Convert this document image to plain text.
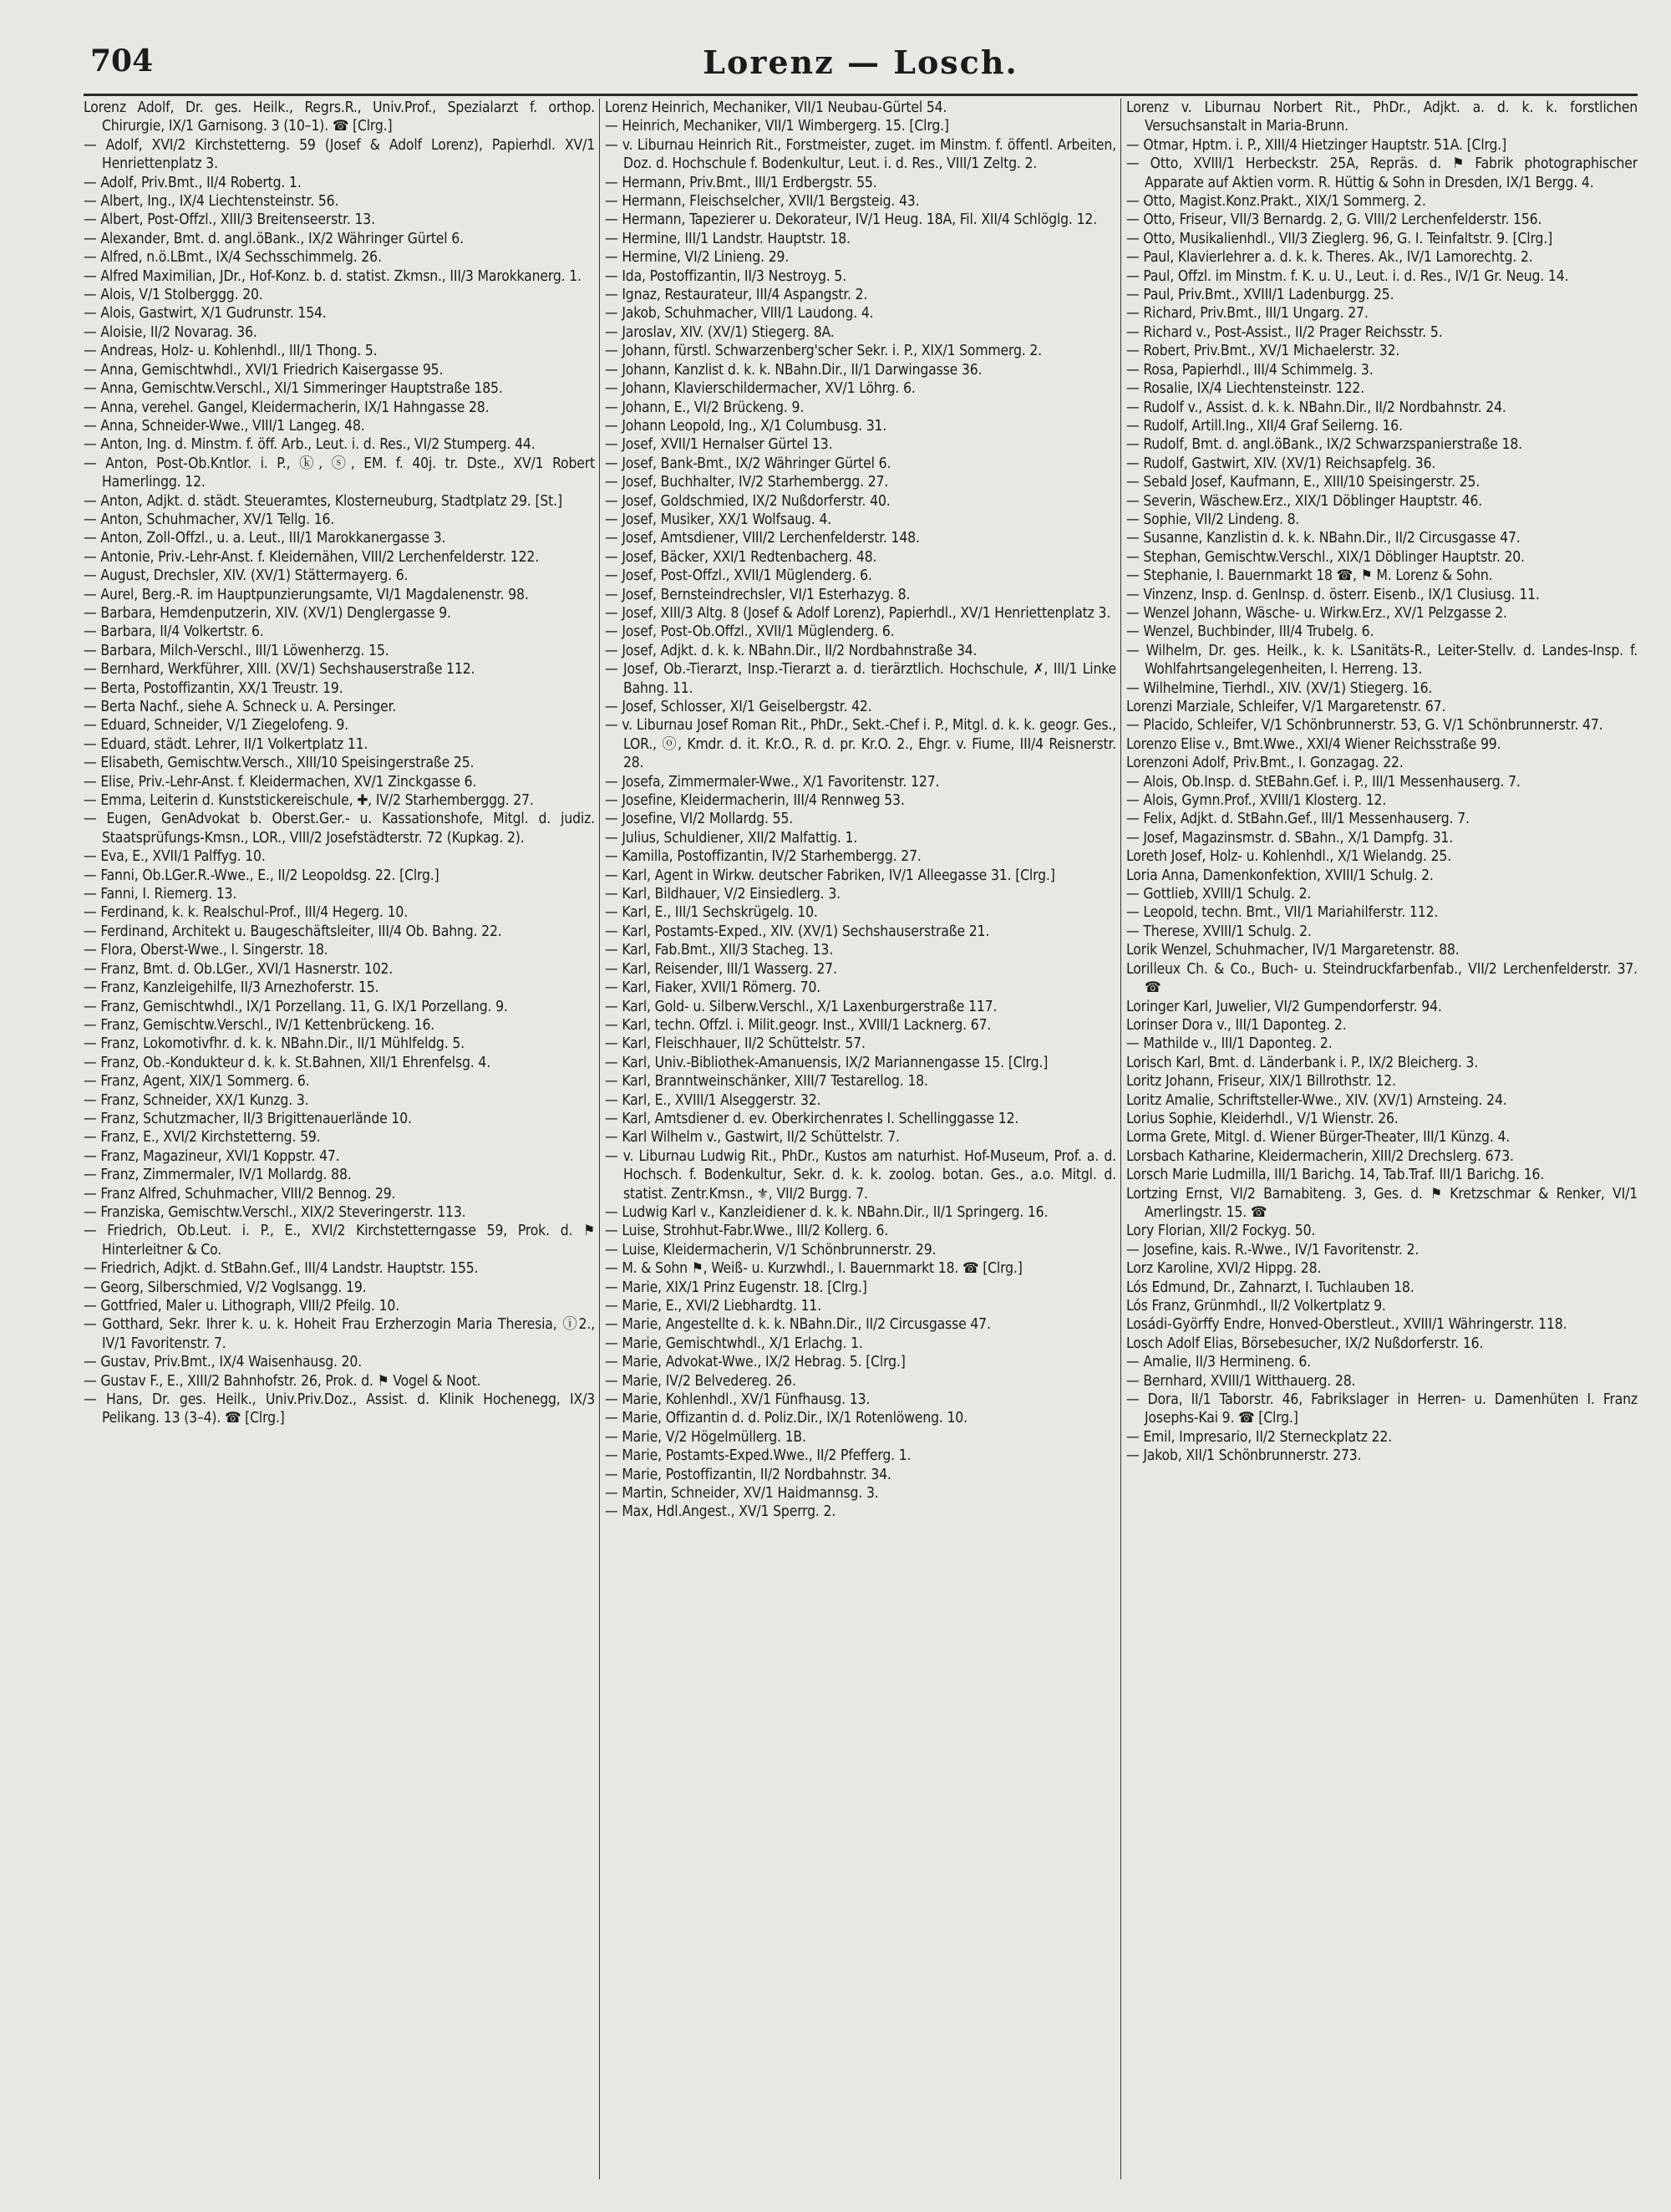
704	Lorenz — Losch.

Lorenz Adolf, Dr. ges. Heilk., Regrs.R., Univ.Prof., Spezialarzt f. orthop. Chirurgie, IX/1 Garnisong. 3 (10–1). ☎ [Clrg.]

— Adolf, XVI/2 Kirchstetterng. 59 (Josef & Adolf Lorenz), Papierhdl. XV/1 Henriettenplatz 3.

— Adolf, Priv.Bmt., II/4 Robertg. 1.

— Albert, Ing., IX/4 Liechtensteinstr. 56.

— Albert, Post-Offzl., XIII/3 Breitenseerstr. 13.

— Alexander, Bmt. d. angl.öBank., IX/2 Währinger Gürtel 6.

— Alfred, n.ö.LBmt., IX/4 Sechsschimmelg. 26.

— Alfred Maximilian, JDr., Hof-Konz. b. d. statist. Zkmsn., III/3 Marokkanerg. 1.

— Alois, V/1 Stolberggg. 20.

— Alois, Gastwirt, X/1 Gudrunstr. 154.

— Aloisie, II/2 Novarag. 36.

— Andreas, Holz- u. Kohlenhdl., III/1 Thong. 5.

— Anna, Gemischtwhdl., XVI/1 Friedrich Kaisergasse 95.

— Anna, Gemischtw.Verschl., XI/1 Simmeringer Hauptstraße 185.

— Anna, verehel. Gangel, Kleidermacherin, IX/1 Hahngasse 28.

— Anna, Schneider-Wwe., VIII/1 Langeg. 48.

— Anton, Ing. d. Minstm. f. öff. Arb., Leut. i. d. Res., VI/2 Stumperg. 44.

— Anton, Post-Ob.Kntlor. i. P., ⓚ, ⓢ, EM. f. 40j. tr. Dste., XV/1 Robert Hamerlingg. 12.

— Anton, Adjkt. d. städt. Steueramtes, Klosterneuburg, Stadtplatz 29. [St.]

— Anton, Schuhmacher, XV/1 Tellg. 16.

— Anton, Zoll-Offzl., u. a. Leut., III/1 Marokkanergasse 3.

— Antonie, Priv.-Lehr-Anst. f. Kleidernähen, VIII/2 Lerchenfelderstr. 122.

— August, Drechsler, XIV. (XV/1) Stättermayerg. 6.

— Aurel, Berg.-R. im Hauptpunzierungsamte, VI/1 Magdalenenstr. 98.

— Barbara, Hemdenputzerin, XIV. (XV/1) Denglergasse 9.

— Barbara, II/4 Volkertstr. 6.

— Barbara, Milch-Verschl., III/1 Löwenherzg. 15.

— Bernhard, Werkführer, XIII. (XV/1) Sechshauserstraße 112.

— Berta, Postoffizantin, XX/1 Treustr. 19.

— Berta Nachf., siehe A. Schneck u. A. Persinger.

— Eduard, Schneider, V/1 Ziegelofeng. 9.

— Eduard, städt. Lehrer, II/1 Volkertplatz 11.

— Elisabeth, Gemischtw.Versch., XIII/10 Speisingerstraße 25.

— Elise, Priv.-Lehr-Anst. f. Kleidermachen, XV/1 Zinckgasse 6.

— Emma, Leiterin d. Kunststickereischule, ✚, IV/2 Starhemberggg. 27.

— Eugen, GenAdvokat b. Oberst.Ger.- u. Kassationshofe, Mitgl. d. judiz. Staatsprüfungs-Kmsn., LOR., VIII/2 Josefstädterstr. 72 (Kupkag. 2).

— Eva, E., XVII/1 Palffyg. 10.

— Fanni, Ob.LGer.R.-Wwe., E., II/2 Leopoldsg. 22. [Clrg.]

— Fanni, I. Riemerg. 13.

— Ferdinand, k. k. Realschul-Prof., III/4 Hegerg. 10.

— Ferdinand, Architekt u. Baugeschäftsleiter, III/4 Ob. Bahng. 22.

— Flora, Oberst-Wwe., I. Singerstr. 18.

— Franz, Bmt. d. Ob.LGer., XVI/1 Hasnerstr. 102.

— Franz, Kanzleigehilfe, II/3 Arnezhoferstr. 15.

— Franz, Gemischtwhdl., IX/1 Porzellang. 11, G. IX/1 Porzellang. 9.

— Franz, Gemischtw.Verschl., IV/1 Kettenbrückeng. 16.

— Franz, Lokomotivfhr. d. k. k. NBahn.Dir., II/1 Mühlfeldg. 5.

— Franz, Ob.-Kondukteur d. k. k. St.Bahnen, XII/1 Ehrenfelsg. 4.

— Franz, Agent, XIX/1 Sommerg. 6.

— Franz, Schneider, XX/1 Kunzg. 3.

— Franz, Schutzmacher, II/3 Brigittenauerlände 10.

— Franz, E., XVI/2 Kirchstetterng. 59.

— Franz, Magazineur, XVI/1 Koppstr. 47.

— Franz, Zimmermaler, IV/1 Mollardg. 88.

— Franz Alfred, Schuhmacher, VIII/2 Bennog. 29.

— Franziska, Gemischtw.Verschl., XIX/2 Steveringerstr. 113.

— Friedrich, Ob.Leut. i. P., E., XVI/2 Kirchstetterngasse 59, Prok. d. ⚑ Hinterleitner & Co.

— Friedrich, Adjkt. d. StBahn.Gef., III/4 Landstr. Hauptstr. 155.

— Georg, Silberschmied, V/2 Voglsangg. 19.

— Gottfried, Maler u. Lithograph, VIII/2 Pfeilg. 10.

— Gotthard, Sekr. Ihrer k. u. k. Hoheit Frau Erzherzogin Maria Theresia, ⓘ2., IV/1 Favoritenstr. 7.

— Gustav, Priv.Bmt., IX/4 Waisenhausg. 20.

— Gustav F., E., XIII/2 Bahnhofstr. 26, Prok. d. ⚑ Vogel & Noot.

— Hans, Dr. ges. Heilk., Univ.Priv.Doz., Assist. d. Klinik Hochenegg, IX/3 Pelikang. 13 (3–4). ☎ [Clrg.]

Lorenz Heinrich, Mechaniker, VII/1 Neubau-Gürtel 54.

— Heinrich, Mechaniker, VII/1 Wimbergerg. 15. [Clrg.]

— v. Liburnau Heinrich Rit., Forstmeister, zuget. im Minstm. f. öffentl. Arbeiten, Doz. d. Hochschule f. Bodenkultur, Leut. i. d. Res., VIII/1 Zeltg. 2.

— Hermann, Priv.Bmt., III/1 Erdbergstr. 55.

— Hermann, Fleischselcher, XVII/1 Bergsteig. 43.

— Hermann, Tapezierer u. Dekorateur, IV/1 Heug. 18A, Fil. XII/4 Schlöglg. 12.

— Hermine, III/1 Landstr. Hauptstr. 18.

— Hermine, VI/2 Linieng. 29.

— Ida, Postoffizantin, II/3 Nestroyg. 5.

— Ignaz, Restaurateur, III/4 Aspangstr. 2.

— Jakob, Schuhmacher, VIII/1 Laudong. 4.

— Jaroslav, XIV. (XV/1) Stiegerg. 8A.

— Johann, fürstl. Schwarzenberg'scher Sekr. i. P., XIX/1 Sommerg. 2.

— Johann, Kanzlist d. k. k. NBahn.Dir., II/1 Darwingasse 36.

— Johann, Klavierschildermacher, XV/1 Löhrg. 6.

— Johann, E., VI/2 Brückeng. 9.

— Johann Leopold, Ing., X/1 Columbusg. 31.

— Josef, XVII/1 Hernalser Gürtel 13.

— Josef, Bank-Bmt., IX/2 Währinger Gürtel 6.

— Josef, Buchhalter, IV/2 Starhembergg. 27.

— Josef, Goldschmied, IX/2 Nußdorferstr. 40.

— Josef, Musiker, XX/1 Wolfsaug. 4.

— Josef, Amtsdiener, VIII/2 Lerchenfelderstr. 148.

— Josef, Bäcker, XXI/1 Redtenbacherg. 48.

— Josef, Post-Offzl., XVII/1 Müglenderg. 6.

— Josef, Bernsteindrechsler, VI/1 Esterhazyg. 8.

— Josef, XIII/3 Altg. 8 (Josef & Adolf Lorenz), Papierhdl., XV/1 Henriettenplatz 3.

— Josef, Post-Ob.Offzl., XVII/1 Müglenderg. 6.

— Josef, Adjkt. d. k. k. NBahn.Dir., II/2 Nordbahnstraße 34.

— Josef, Ob.-Tierarzt, Insp.-Tierarzt a. d. tierärztlich. Hochschule, ✗, III/1 Linke Bahng. 11.

— Josef, Schlosser, XI/1 Geiselbergstr. 42.

— v. Liburnau Josef Roman Rit., PhDr., Sekt.-Chef i. P., Mitgl. d. k. k. geogr. Ges., LOR., ⓞ, Kmdr. d. it. Kr.O., R. d. pr. Kr.O. 2., Ehgr. v. Fiume, III/4 Reisnerstr. 28.

— Josefa, Zimmermaler-Wwe., X/1 Favoritenstr. 127.

— Josefine, Kleidermacherin, III/4 Rennweg 53.

— Josefine, VI/2 Mollardg. 55.

— Julius, Schuldiener, XII/2 Malfattig. 1.

— Kamilla, Postoffizantin, IV/2 Starhembergg. 27.

— Karl, Agent in Wirkw. deutscher Fabriken, IV/1 Alleegasse 31. [Clrg.]

— Karl, Bildhauer, V/2 Einsiedlerg. 3.

— Karl, E., III/1 Sechskrügelg. 10.

— Karl, Postamts-Exped., XIV. (XV/1) Sechshauserstraße 21.

— Karl, Fab.Bmt., XII/3 Stacheg. 13.

— Karl, Reisender, III/1 Wasserg. 27.

— Karl, Fiaker, XVII/1 Römerg. 70.

— Karl, Gold- u. Silberw.Verschl., X/1 Laxenburgerstraße 117.

— Karl, techn. Offzl. i. Milit.geogr. Inst., XVIII/1 Lacknerg. 67.

— Karl, Fleischhauer, II/2 Schüttelstr. 57.

— Karl, Univ.-Bibliothek-Amanuensis, IX/2 Mariannengasse 15. [Clrg.]

— Karl, Branntweinschänker, XIII/7 Testarellog. 18.

— Karl, E., XVIII/1 Alseggerstr. 32.

— Karl, Amtsdiener d. ev. Oberkirchenrates I. Schellinggasse 12.

— Karl Wilhelm v., Gastwirt, II/2 Schüttelstr. 7.

— v. Liburnau Ludwig Rit., PhDr., Kustos am naturhist. Hof-Museum, Prof. a. d. Hochsch. f. Bodenkultur, Sekr. d. k. k. zoolog. botan. Ges., a.o. Mitgl. d. statist. Zentr.Kmsn., ⚜, VII/2 Burgg. 7.

— Ludwig Karl v., Kanzleidiener d. k. k. NBahn.Dir., II/1 Springerg. 16.

— Luise, Strohhut-Fabr.Wwe., III/2 Kollerg. 6.

— Luise, Kleidermacherin, V/1 Schönbrunnerstr. 29.

— M. & Sohn ⚑, Weiß- u. Kurzwhdl., I. Bauernmarkt 18. ☎ [Clrg.]

— Marie, XIX/1 Prinz Eugenstr. 18. [Clrg.]

— Marie, E., XVI/2 Liebhardtg. 11.

— Marie, Angestellte d. k. k. NBahn.Dir., II/2 Circusgasse 47.

— Marie, Gemischtwhdl., X/1 Erlachg. 1.

— Marie, Advokat-Wwe., IX/2 Hebrag. 5. [Clrg.]

— Marie, IV/2 Belvedereg. 26.

— Marie, Kohlenhdl., XV/1 Fünfhausg. 13.

— Marie, Offizantin d. d. Poliz.Dir., IX/1 Rotenlöweng. 10.

— Marie, V/2 Högelmüllerg. 1B.

— Marie, Postamts-Exped.Wwe., II/2 Pfefferg. 1.

— Marie, Postoffizantin, II/2 Nordbahnstr. 34.

— Martin, Schneider, XV/1 Haidmannsg. 3.

— Max, Hdl.Angest., XV/1 Sperrg. 2.

Lorenz v. Liburnau Norbert Rit., PhDr., Adjkt. a. d. k. k. forstlichen Versuchsanstalt in Maria-Brunn.

— Otmar, Hptm. i. P., XIII/4 Hietzinger Hauptstr. 51A. [Clrg.]

— Otto, XVIII/1 Herbeckstr. 25A, Repräs. d. ⚑ Fabrik photographischer Apparate auf Aktien vorm. R. Hüttig & Sohn in Dresden, IX/1 Bergg. 4.

— Otto, Magist.Konz.Prakt., XIX/1 Sommerg. 2.

— Otto, Friseur, VII/3 Bernardg. 2, G. VIII/2 Lerchenfelderstr. 156.

— Otto, Musikalienhdl., VII/3 Zieglerg. 96, G. I. Teinfaltstr. 9. [Clrg.]

— Paul, Klavierlehrer a. d. k. k. Theres. Ak., IV/1 Lamorechtg. 2.

— Paul, Offzl. im Minstm. f. K. u. U., Leut. i. d. Res., IV/1 Gr. Neug. 14.

— Paul, Priv.Bmt., XVIII/1 Ladenburgg. 25.

— Richard, Priv.Bmt., III/1 Ungarg. 27.

— Richard v., Post-Assist., II/2 Prager Reichsstr. 5.

— Robert, Priv.Bmt., XV/1 Michaelerstr. 32.

— Rosa, Papierhdl., III/4 Schimmelg. 3.

— Rosalie, IX/4 Liechtensteinstr. 122.

— Rudolf v., Assist. d. k. k. NBahn.Dir., II/2 Nordbahnstr. 24.

— Rudolf, Artill.Ing., XII/4 Graf Seilerng. 16.

— Rudolf, Bmt. d. angl.öBank., IX/2 Schwarzspanierstraße 18.

— Rudolf, Gastwirt, XIV. (XV/1) Reichsapfelg. 36.

— Sebald Josef, Kaufmann, E., XIII/10 Speisingerstr. 25.

— Severin, Wäschew.Erz., XIX/1 Döblinger Hauptstr. 46.

— Sophie, VII/2 Lindeng. 8.

— Susanne, Kanzlistin d. k. k. NBahn.Dir., II/2 Circusgasse 47.

— Stephan, Gemischtw.Verschl., XIX/1 Döblinger Hauptstr. 20.

— Stephanie, I. Bauernmarkt 18 ☎, ⚑ M. Lorenz & Sohn.

— Vinzenz, Insp. d. GenInsp. d. österr. Eisenb., IX/1 Clusiusg. 11.

— Wenzel Johann, Wäsche- u. Wirkw.Erz., XV/1 Pelzgasse 2.

— Wenzel, Buchbinder, III/4 Trubelg. 6.

— Wilhelm, Dr. ges. Heilk., k. k. LSanitäts-R., Leiter-Stellv. d. Landes-Insp. f. Wohlfahrtsangelegenheiten, I. Herreng. 13.

— Wilhelmine, Tierhdl., XIV. (XV/1) Stiegerg. 16.

Lorenzi Marziale, Schleifer, V/1 Margaretenstr. 67.

— Placido, Schleifer, V/1 Schönbrunnerstr. 53, G. V/1 Schönbrunnerstr. 47.

Lorenzo Elise v., Bmt.Wwe., XXI/4 Wiener Reichsstraße 99.

Lorenzoni Adolf, Priv.Bmt., I. Gonzagag. 22.

— Alois, Ob.Insp. d. StEBahn.Gef. i. P., III/1 Messenhauserg. 7.

— Alois, Gymn.Prof., XVIII/1 Klosterg. 12.

— Felix, Adjkt. d. StBahn.Gef., III/1 Messenhauserg. 7.

— Josef, Magazinsmstr. d. SBahn., X/1 Dampfg. 31.

Loreth Josef, Holz- u. Kohlenhdl., X/1 Wielandg. 25.

Loria Anna, Damenkonfektion, XVIII/1 Schulg. 2.

— Gottlieb, XVIII/1 Schulg. 2.

— Leopold, techn. Bmt., VII/1 Mariahilferstr. 112.

— Therese, XVIII/1 Schulg. 2.

Lorik Wenzel, Schuhmacher, IV/1 Margaretenstr. 88.

Lorilleux Ch. & Co., Buch- u. Steindruckfarbenfab., VII/2 Lerchenfelderstr. 37. ☎

Loringer Karl, Juwelier, VI/2 Gumpendorferstr. 94.

Lorinser Dora v., III/1 Daponteg. 2.

— Mathilde v., III/1 Daponteg. 2.

Lorisch Karl, Bmt. d. Länderbank i. P., IX/2 Bleicherg. 3.

Loritz Johann, Friseur, XIX/1 Billrothstr. 12.

Loritz Amalie, Schriftsteller-Wwe., XIV. (XV/1) Arnsteing. 24.

Lorius Sophie, Kleiderhdl., V/1 Wienstr. 26.

Lorma Grete, Mitgl. d. Wiener Bürger-Theater, III/1 Künzg. 4.

Lorsbach Katharine, Kleidermacherin, XIII/2 Drechslerg. 673.

Lorsch Marie Ludmilla, III/1 Barichg. 14, Tab.Traf. III/1 Barichg. 16.

Lortzing Ernst, VI/2 Barnabiteng. 3, Ges. d. ⚑ Kretzschmar & Renker, VI/1 Amerlingstr. 15. ☎

Lory Florian, XII/2 Fockyg. 50.

— Josefine, kais. R.-Wwe., IV/1 Favoritenstr. 2.

Lorz Karoline, XVI/2 Hippg. 28.

Lós Edmund, Dr., Zahnarzt, I. Tuchlauben 18.

Lós Franz, Grünmhdl., II/2 Volkertplatz 9.

Losádi-Györffy Endre, Honved-Oberstleut., XVIII/1 Währingerstr. 118.

Losch Adolf Elias, Börsebesucher, IX/2 Nußdorferstr. 16.

— Amalie, II/3 Hermineng. 6.

— Bernhard, XVIII/1 Witthauerg. 28.

— Dora, II/1 Taborstr. 46, Fabrikslager in Herren- u. Damenhüten I. Franz Josephs-Kai 9. ☎ [Clrg.]

— Emil, Impresario, II/2 Sterneckplatz 22.

— Jakob, XII/1 Schönbrunnerstr. 273.
